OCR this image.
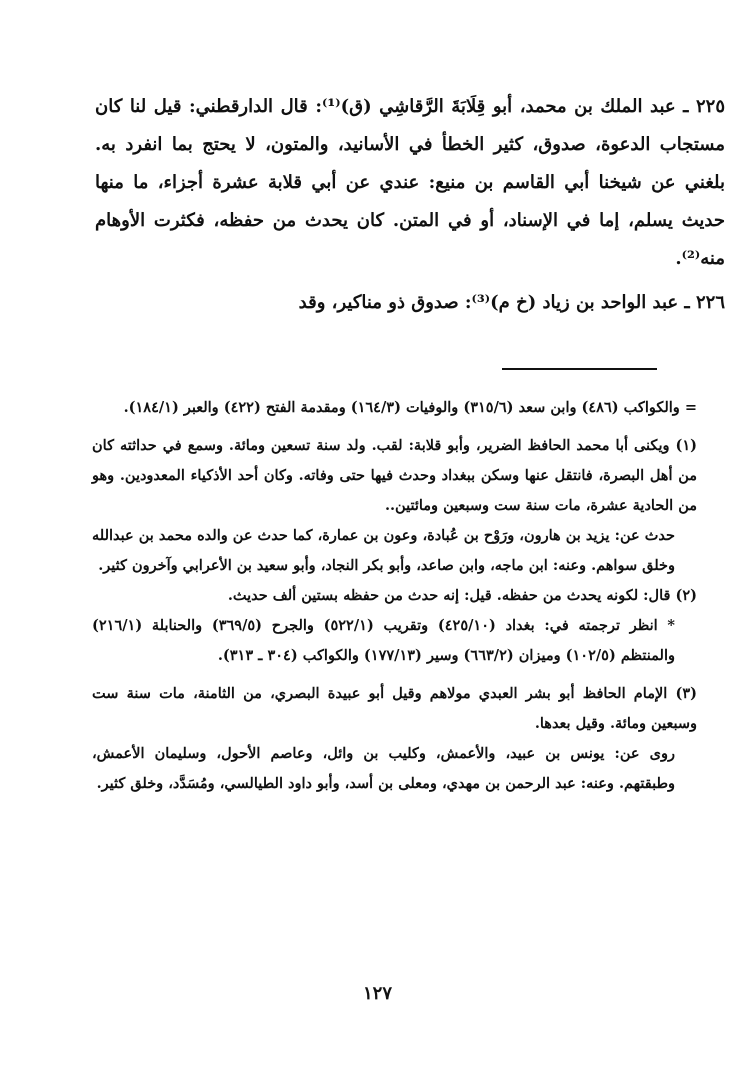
٢٢٥ ـ عبد الملك بن محمد، أبو قِلَابَةَ الرَّقاشِي (ق)⁽¹⁾: قال الدارقطني: قيل لنا كان مستجاب الدعوة، صدوق، كثير الخطأ في الأسانيد، والمتون، لا يحتج بما انفرد به. بلغني عن شيخنا أبي القاسم بن منيع: عندي عن أبي قلابة عشرة أجزاء، ما منها حديث يسلم، إما في الإسناد، أو في المتن. كان يحدث من حفظه، فكثرت الأوهام منه⁽²⁾.

٢٢٦ ـ عبد الواحد بن زياد (خ م)⁽³⁾: صدوق ذو مناكير، وقد

= والكواكب (٤٨٦) وابن سعد (٣١٥/٦) والوفيات (١٦٤/٣) ومقدمة الفتح (٤٢٢) والعبر (١٨٤/١).

(١) ويكنى أبا محمد الحافظ الضرير، وأبو قلابة: لقب. ولد سنة تسعين ومائة. وسمع في حداثته كان من أهل البصرة، فانتقل عنها وسكن ببغداد وحدث فيها حتى وفاته. وكان أحد الأذكياء المعدودين. وهو من الحادية عشرة، مات سنة ست وسبعين ومائتين..

حدث عن: يزيد بن هارون، ورَوْح بن عُبادة، وعون بن عمارة، كما حدث عن والده محمد بن عبدالله وخلق سواهم. وعنه: ابن ماجه، وابن صاعد، وأبو بكر النجاد، وأبو سعيد بن الأعرابي وآخرون كثير.

(٢) قال: لكونه يحدث من حفظه. قيل: إنه حدث من حفظه بستين ألف حديث.

* انظر ترجمته في: بغداد (٤٢٥/١٠) وتقريب (٥٢٢/١) والجرح (٣٦٩/٥) والحنابلة (٢١٦/١) والمنتظم (١٠٢/٥) وميزان (٦٦٣/٢) وسير (١٧٧/١٣) والكواكب (٣٠٤ ـ ٣١٣).

(٣) الإمام الحافظ أبو بشر العبدي مولاهم وقيل أبو عبيدة البصري، من الثامنة، مات سنة ست وسبعين ومائة. وقيل بعدها.

روى عن: يونس بن عبيد، والأعمش، وكليب بن وائل، وعاصم الأحول، وسليمان الأعمش، وطبقتهم. وعنه: عبد الرحمن بن مهدي، ومعلى بن أسد، وأبو داود الطيالسي، ومُسَدَّد، وخلق كثير.

١٢٧
